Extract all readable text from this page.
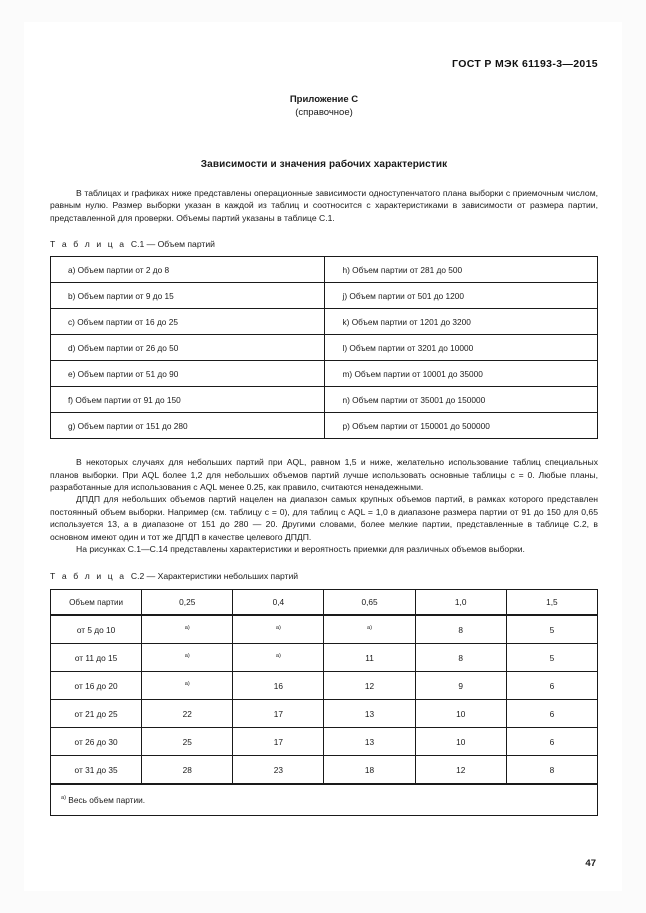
ГОСТ Р МЭК 61193-3—2015
Приложение С
(справочное)
Зависимости и значения рабочих характеристик

В таблицах и графиках ниже представлены операционные зависимости одноступенчатого плана выборки с приемочным числом, равным нулю. Размер выборки указан в каждой из таблиц и соотносится с характеристиками в зависимости от размера партии, представленной для проверки. Объемы партий указаны в таблице С.1.

Т а б л и ц а С.1 — Объем партий

a) Объем партии от 2 до 8	h) Объем партии от 281 до 500
b) Объем партии от 9 до 15	j) Объем партии от 501 до 1200
c) Объем партии от 16 до 25	k) Объем партии от 1201 до 3200
d) Объем партии от 26 до 50	l) Объем партии от 3201 до 10000
e) Объем партии от 51 до 90	m) Объем партии от 10001 до 35000
f) Объем партии от 91 до 150	n) Объем партии от 35001 до 150000
g) Объем партии от 151 до 280	p) Объем партии от 150001 до 500000

В некоторых случаях для небольших партий при AQL, равном 1,5 и ниже, желательно использование таблиц специальных планов выборки. При AQL более 1,2 для небольших объемов партий лучше использовать основные таблицы c = 0. Любые планы, разработанные для использования с AQL менее 0.25, как правило, считаются ненадежными.

ДПДП для небольших объемов партий нацелен на диапазон самых крупных объемов партий, в рамках которого представлен постоянный объем выборки. Например (см. таблицу c = 0), для таблиц с AQL = 1,0 в диапазоне размера партии от 91 до 150 для 0,65 используется 13, а в диапазоне от 151 до 280 — 20. Другими словами, более мелкие партии, представленные в таблице С.2, в основном имеют один и тот же ДПДП в качестве целевого ДПДП.

На рисунках С.1—С.14 представлены характеристики и вероятность приемки для различных объемов выборки.

Т а б л и ц а С.2 — Характеристики небольших партий

Объем партии	0,25	0,4	0,65	1,0	1,5
от 5 до 10	$^{а)}$	$^{а)}$	$^{а)}$	8	5
от 11 до 15	$^{а)}$	$^{а)}$	11	8	5
от 16 до 20	$^{а)}$	16	12	9	6
от 21 до 25	22	17	13	10	6
от 26 до 30	25	17	13	10	6
от 31 до 35	28	23	18	12	8
$^{а)}$ Весь объем партии.					
47
